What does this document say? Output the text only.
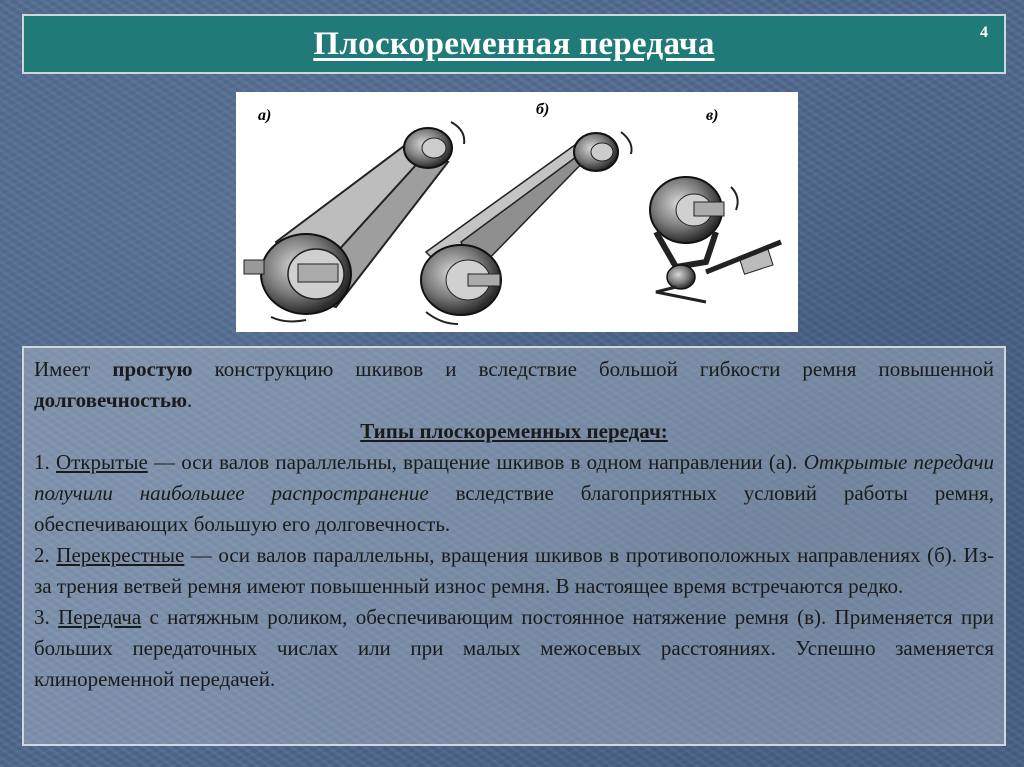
Плоскоременная передача	4
а)	б)	в)

Имеет простую конструкцию шкивов и вследствие большой гибкости ремня повышенной долговечностью.

Типы плоскоременных передач:

1. Открытые — оси валов параллельны, вращение шкивов в одном направлении (а). Открытые передачи получили наибольшее распространение вследствие благоприятных условий работы ремня, обеспечивающих большую его долговечность.

2. Перекрестные — оси валов параллельны, вращения шкивов в противоположных направлениях (б). Из-за трения ветвей ремня имеют повышенный износ ремня. В настоящее время встречаются редко.

3. Передача с натяжным роликом, обеспечивающим постоянное натяжение ремня (в). Применяется при больших передаточных числах или при малых межосевых расстояниях. Успешно заменяется клиноременной передачей.
